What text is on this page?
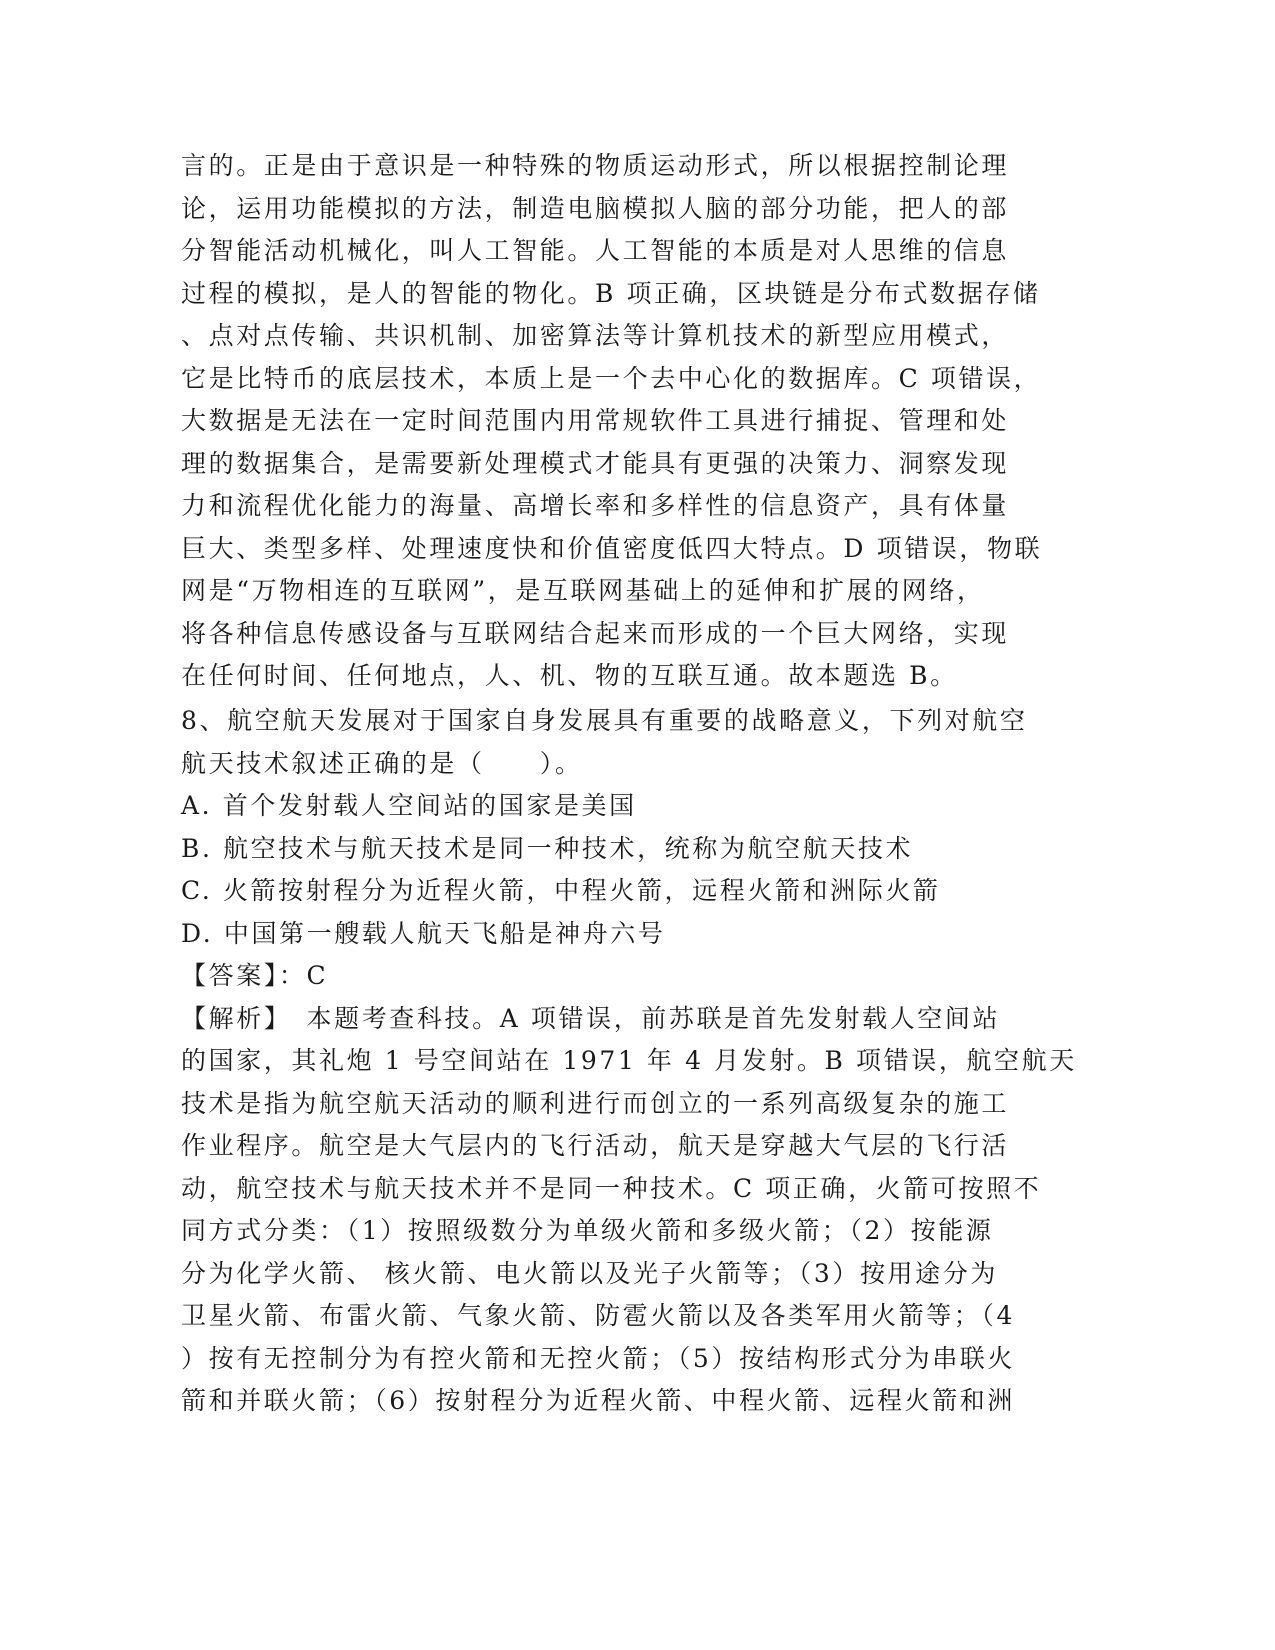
言的。正是由于意识是一种特殊的物质运动形式，所以根据控制论理
论，运用功能模拟的方法，制造电脑模拟人脑的部分功能，把人的部
分智能活动机械化，叫人工智能。人工智能的本质是对人思维的信息
过程的模拟，是人的智能的物化。B 项正确，区块链是分布式数据存储
、点对点传输、共识机制、加密算法等计算机技术的新型应用模式，
它是比特币的底层技术，本质上是一个去中心化的数据库。C 项错误，
大数据是无法在一定时间范围内用常规软件工具进行捕捉、管理和处
理的数据集合，是需要新处理模式才能具有更强的决策力、洞察发现
力和流程优化能力的海量、高增长率和多样性的信息资产，具有体量
巨大、类型多样、处理速度快和价值密度低四大特点。D 项错误，物联
网是“万物相连的互联网”，是互联网基础上的延伸和扩展的网络，
将各种信息传感设备与互联网结合起来而形成的一个巨大网络，实现
在任何时间、任何地点，人、机、物的互联互通。故本题选 B。
8、航空航天发展对于国家自身发展具有重要的战略意义，下列对航空
航天技术叙述正确的是（　　）。
A. 首个发射载人空间站的国家是美国
B. 航空技术与航天技术是同一种技术，统称为航空航天技术
C. 火箭按射程分为近程火箭，中程火箭，远程火箭和洲际火箭
D. 中国第一艘载人航天飞船是神舟六号
【答案】：C
【解析】　本题考查科技。A 项错误，前苏联是首先发射载人空间站
的国家，其礼炮 1 号空间站在 1971 年 4 月发射。B 项错误，航空航天
技术是指为航空航天活动的顺利进行而创立的一系列高级复杂的施工
作业程序。航空是大气层内的飞行活动，航天是穿越大气层的飞行活
动，航空技术与航天技术并不是同一种技术。C 项正确，火箭可按照不
同方式分类：（1）按照级数分为单级火箭和多级火箭；（2）按能源
分为化学火箭、 核火箭、电火箭以及光子火箭等；（3）按用途分为
卫星火箭、布雷火箭、气象火箭、防雹火箭以及各类军用火箭等；（4
）按有无控制分为有控火箭和无控火箭；（5）按结构形式分为串联火
箭和并联火箭；（6）按射程分为近程火箭、中程火箭、远程火箭和洲
